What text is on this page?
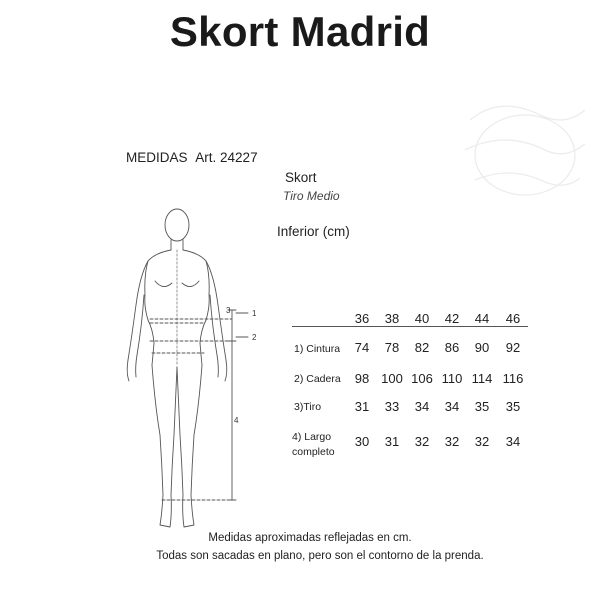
Skort Madrid
MEDIDAS Art. 24227
Skort
Tiro Medio
Inferior (cm)
1
2
3
4
36	38	40	42	44	46
1) Cintura	74	78	82	86	90	92
2) Cadera	98 100 106 110 114 116
3)Tiro	31	33	34	34	35	35
4) Largo
completo
30	31	32	32	32	34
Medidas aproximadas reflejadas en cm.
Todas son sacadas en plano, pero son el contorno de la prenda.
